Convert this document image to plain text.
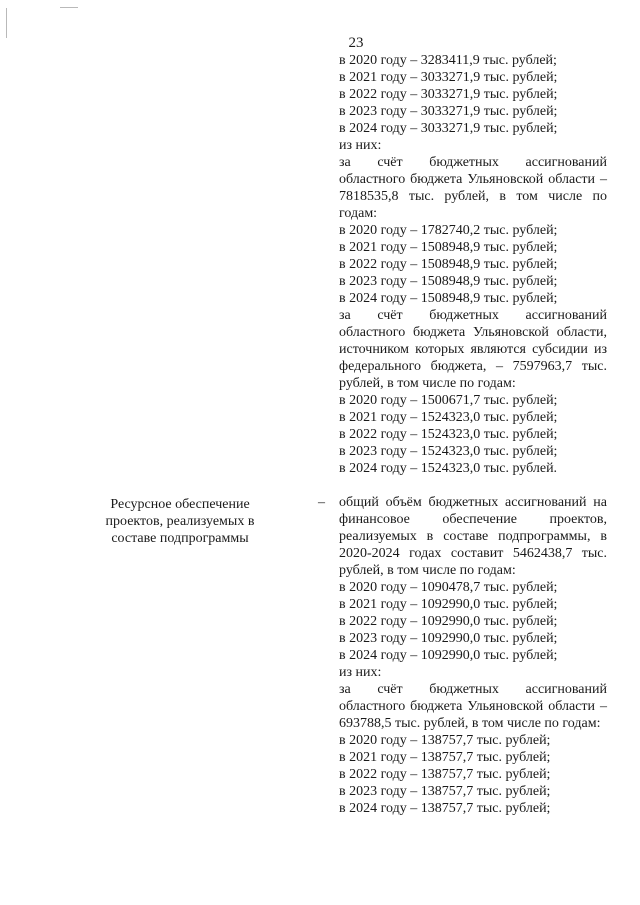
23
в 2020 году – 3283411,9 тыс. рублей;
в 2021 году – 3033271,9 тыс. рублей;
в 2022 году – 3033271,9 тыс. рублей;
в 2023 году – 3033271,9 тыс. рублей;
в 2024 году – 3033271,9 тыс. рублей;
из них:
за счёт бюджетных ассигнований областного бюджета Ульяновской области – 7818535,8 тыс. рублей, в том числе по годам:
в 2020 году – 1782740,2 тыс. рублей;
в 2021 году – 1508948,9 тыс. рублей;
в 2022 году – 1508948,9 тыс. рублей;
в 2023 году – 1508948,9 тыс. рублей;
в 2024 году – 1508948,9 тыс. рублей;
за счёт бюджетных ассигнований областного бюджета Ульяновской области, источником которых являются субсидии из федерального бюджета, – 7597963,7 тыс. рублей, в том числе по годам:
в 2020 году – 1500671,7 тыс. рублей;
в 2021 году – 1524323,0 тыс. рублей;
в 2022 году – 1524323,0 тыс. рублей;
в 2023 году – 1524323,0 тыс. рублей;
в 2024 году – 1524323,0 тыс. рублей.
Ресурсное обеспечение проектов, реализуемых в составе подпрограммы
– общий объём бюджетных ассигнований на финансовое обеспечение проектов, реализуемых в составе подпрограммы, в 2020-2024 годах составит 5462438,7 тыс. рублей, в том числе по годам:
в 2020 году – 1090478,7 тыс. рублей;
в 2021 году – 1092990,0 тыс. рублей;
в 2022 году – 1092990,0 тыс. рублей;
в 2023 году – 1092990,0 тыс. рублей;
в 2024 году – 1092990,0 тыс. рублей;
из них:
за счёт бюджетных ассигнований областного бюджета Ульяновской области – 693788,5 тыс. рублей, в том числе по годам:
в 2020 году – 138757,7 тыс. рублей;
в 2021 году – 138757,7 тыс. рублей;
в 2022 году – 138757,7 тыс. рублей;
в 2023 году – 138757,7 тыс. рублей;
в 2024 году – 138757,7 тыс. рублей;
